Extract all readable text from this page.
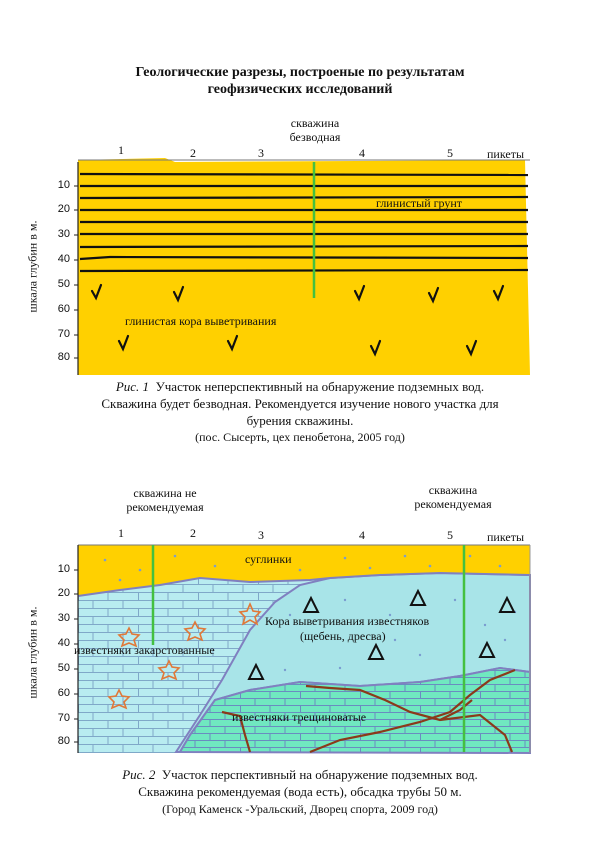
Геологические разрезы, построеные по результатам
геофизических исследований
скважина
безводная
1	2	3	4	5	пикеты
глинистый грунт
глинистая кора выветривания
10
20
30
40
50
60
70
80
шкала глубин в м.
Рис. 1 Участок неперспективный на обнаружение подземных вод.
Скважина будет безводная. Рекомендуется изучение нового участка для
бурения скважины.
(пос. Сысерть, цех пенобетона, 2005 год)
скважина не
рекомендуемая
скважина
рекомендуемая
1	2	3	4	5	пикеты
суглинки
Кора выветривания известняков
(щебень, дресва)
известняки закарстованные
известняки трещиноватые
10
20
30
40
50
60
70
80
шкала глубин в м.
Рис. 2 Участок перспективный на обнаружение подземных вод.
Скважина рекомендуемая (вода есть), обсадка трубы 50 м.
(Город Каменск -Уральский, Дворец спорта, 2009 год)
